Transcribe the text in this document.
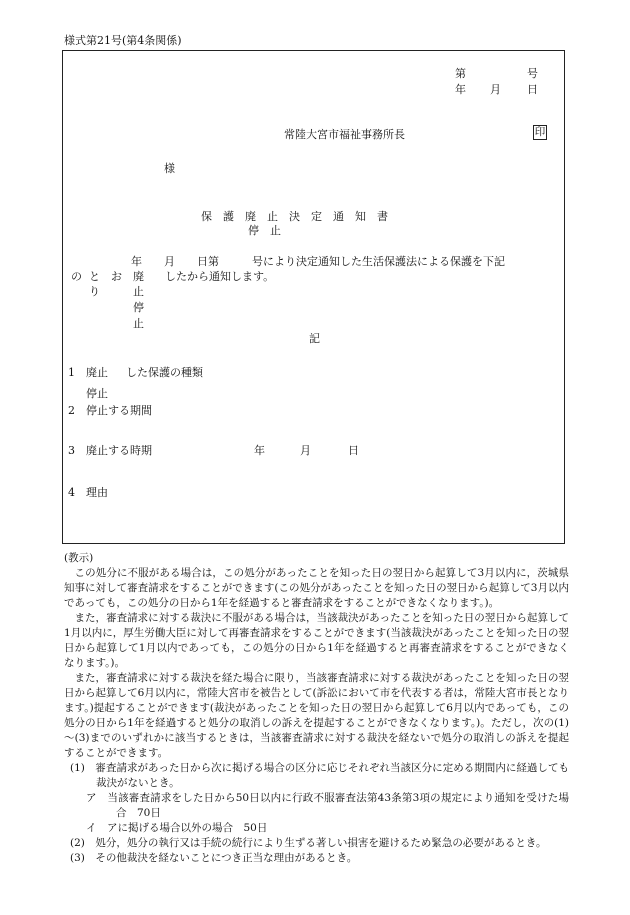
様式第21号(第4条関係)
第	号
年 月 日
常陸大宮市福祉事務所長	印
様
保　護　廃　止　決　定　通　知　書
停　止
年　　月　　日第　　　号により決定通知した生活保護法による保護を下記
の と　お 廃 したから通知します。
り	止
停
止
記
1 廃止 した保護の種類
停止
2 停止する期間
3 廃止する時期	年	月	日
4 理由

(教示)

この処分に不服がある場合は，この処分があったことを知った日の翌日から起算して3月以内に，茨城県知事に対して審査請求をすることができます(この処分があったことを知った日の翌日から起算して3月以内であっても，この処分の日から1年を経過すると審査請求をすることができなくなります。)。

また，審査請求に対する裁決に不服がある場合は，当該裁決があったことを知った日の翌日から起算して1月以内に，厚生労働大臣に対して再審査請求をすることができます(当該裁決があったことを知った日の翌日から起算して1月以内であっても，この処分の日から1年を経過すると再審査請求をすることができなくなります。)。

また，審査請求に対する裁決を経た場合に限り，当該審査請求に対する裁決があったことを知った日の翌日から起算して6月以内に，常陸大宮市を被告として(訴訟において市を代表する者は，常陸大宮市長となります。)提起することができます(裁決があったことを知った日の翌日から起算して6月以内であっても，この処分の日から1年を経過すると処分の取消しの訴えを提起することができなくなります。)。ただし，次の(1)～(3)までのいずれかに該当するときは，当該審査請求に対する裁決を経ないで処分の取消しの訴えを提起することができます。

(1)　審査請求があった日から次に掲げる場合の区分に応じそれぞれ当該区分に定める期間内に経過しても裁決がないとき。

ア　当該審査請求をした日から50日以内に行政不服審査法第43条第3項の規定により通知を受けた場合　70日

イ　アに掲げる場合以外の場合　50日

(2)　処分，処分の執行又は手続の続行により生ずる著しい損害を避けるため緊急の必要があるとき。

(3)　その他裁決を経ないことにつき正当な理由があるとき。
